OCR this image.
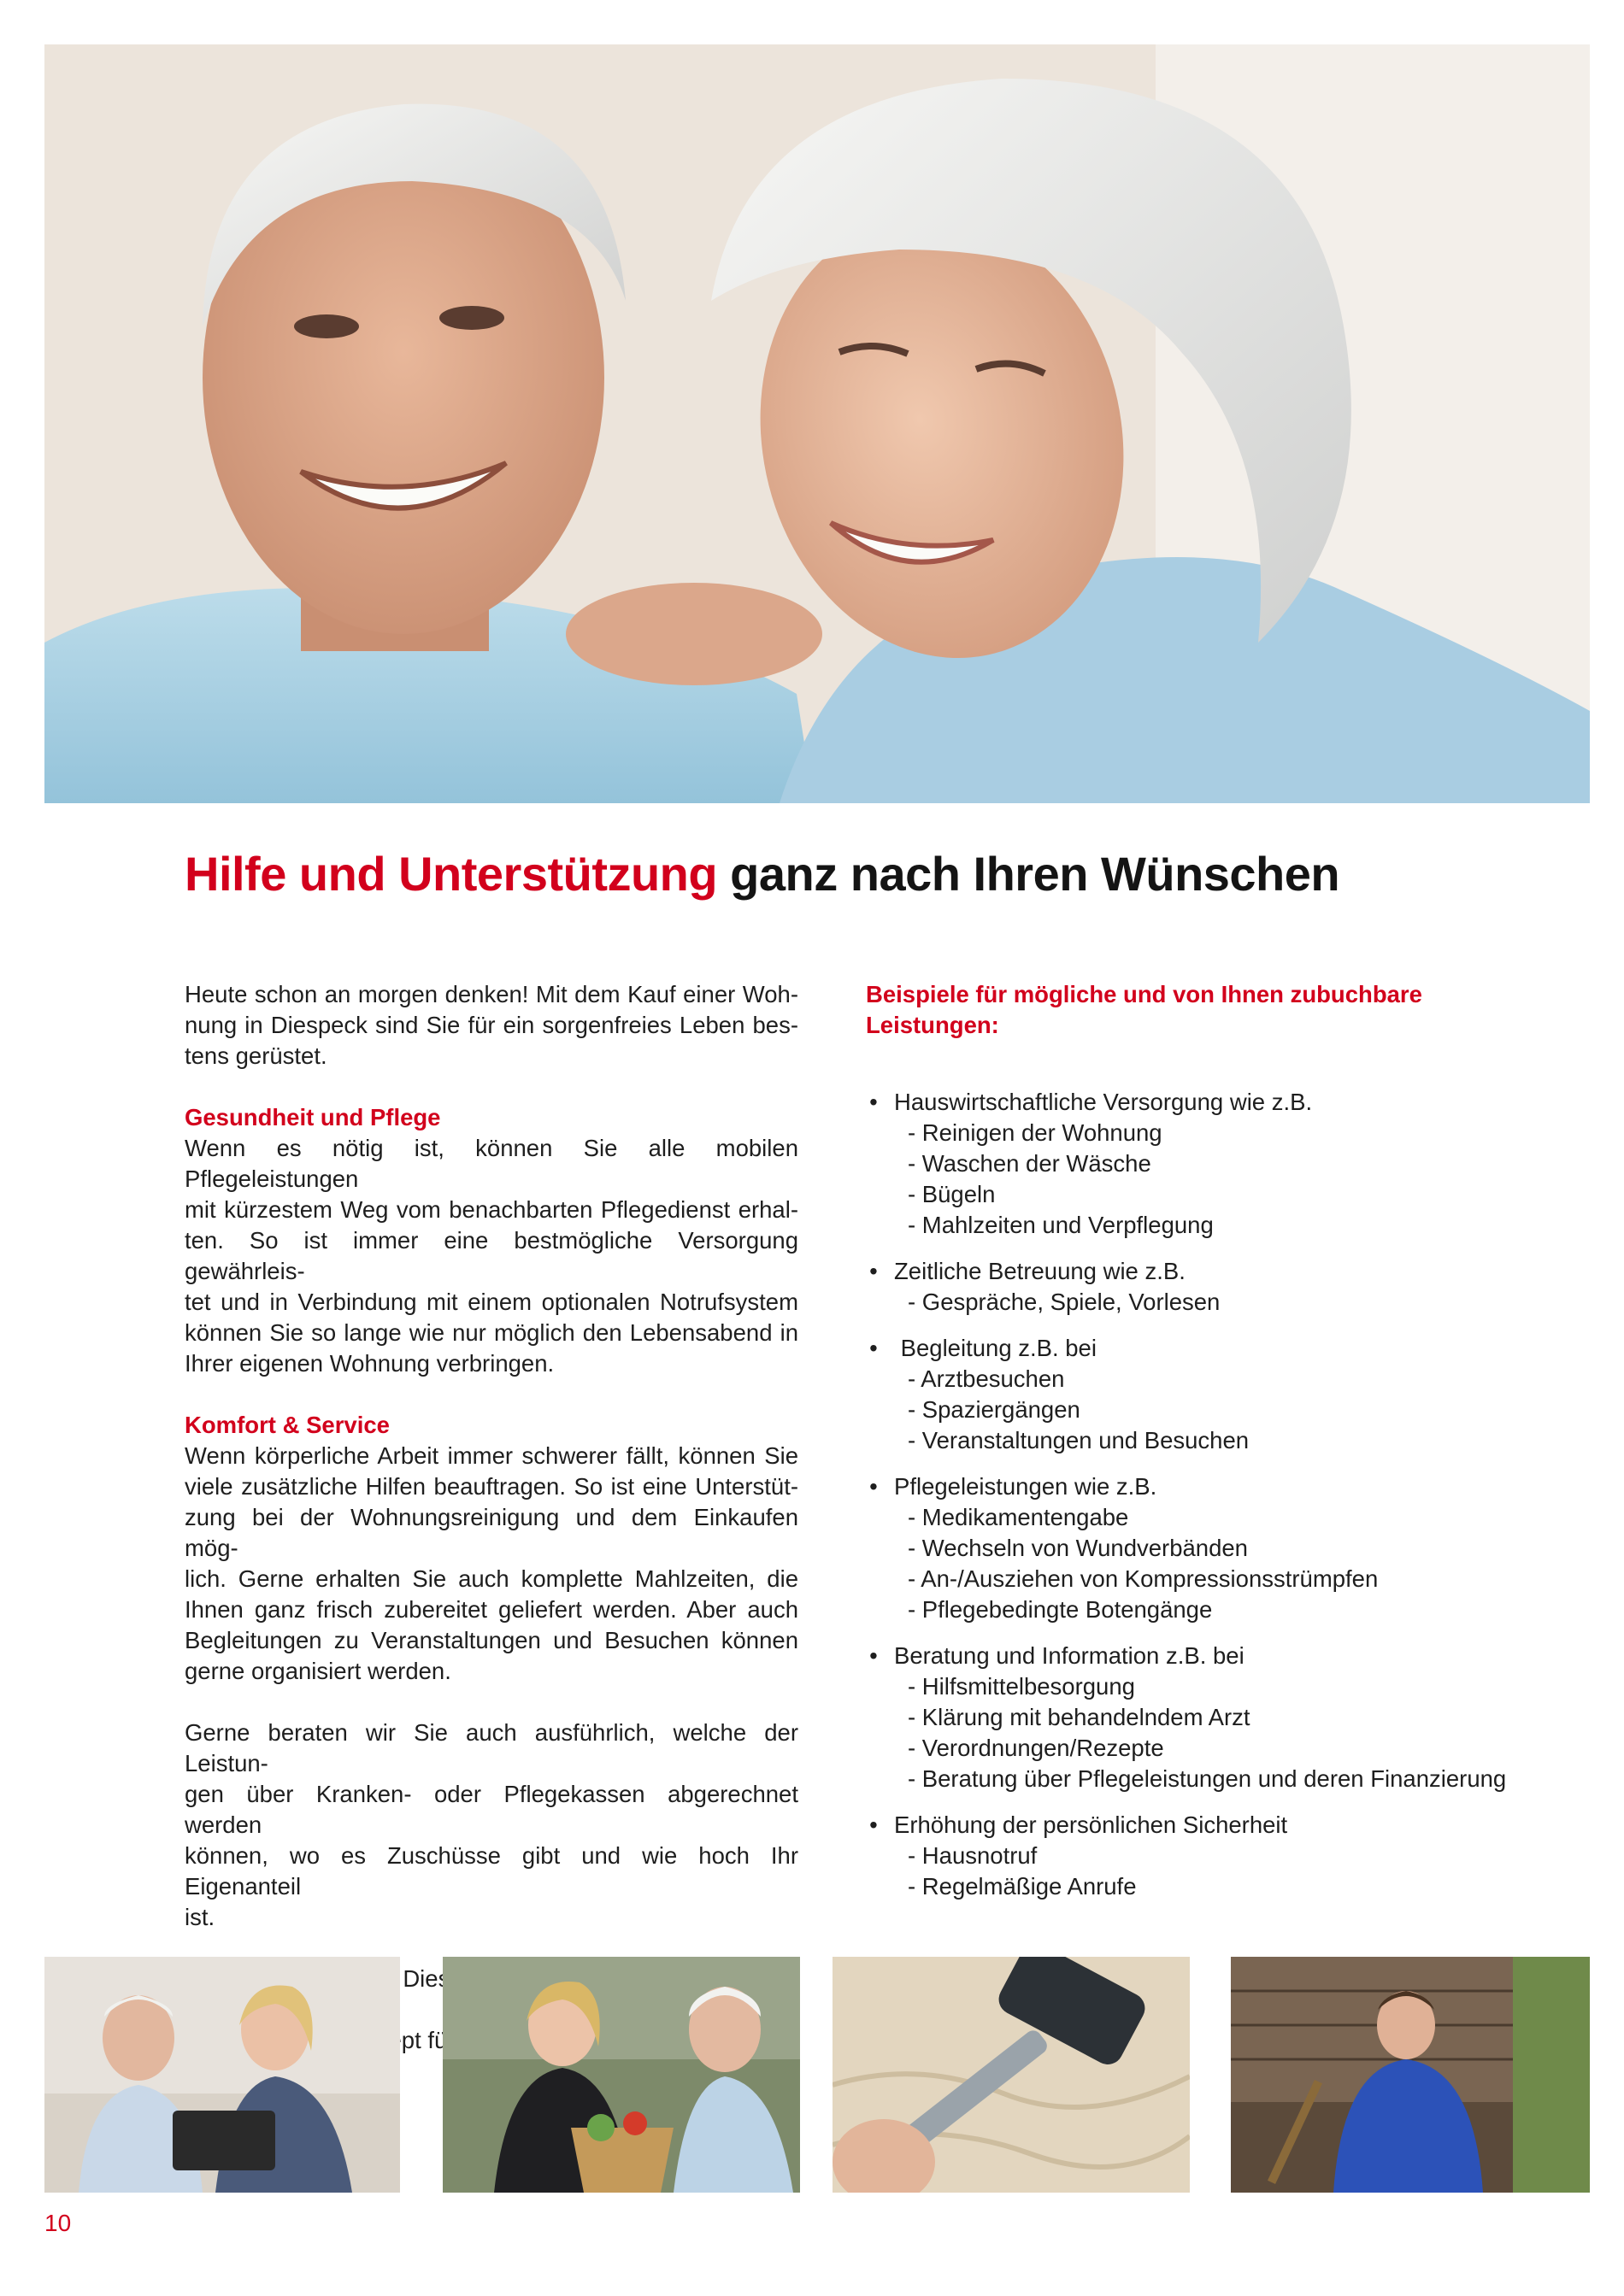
Hilfe und Unterstützung ganz nach Ihren Wünschen

Heute schon an morgen denken! Mit dem Kauf einer Woh-

nung in Diespeck sind Sie für ein sorgenfreies Leben bes-

tens gerüstet.

Gesundheit und Pflege

Wenn es nötig ist, können Sie alle mobilen Pflegeleistungen

mit kürzestem Weg vom benachbarten Pflegedienst erhal-

ten. So ist immer eine bestmögliche Versorgung gewährleis-

tet und in Verbindung mit einem optionalen Notrufsystem

können Sie so lange wie nur möglich den Lebensabend in

Ihrer eigenen Wohnung verbringen.

Komfort & Service

Wenn körperliche Arbeit immer schwerer fällt, können Sie

viele zusätzliche Hilfen beauftragen. So ist eine Unterstüt-

zung bei der Wohnungsreinigung und dem Einkaufen mög-

lich. Gerne erhalten Sie auch komplette Mahlzeiten, die

Ihnen ganz frisch zubereitet geliefert werden. Aber auch

Begleitungen zu Veranstaltungen und Besuchen können

gerne organisiert werden.

Gerne beraten wir Sie auch ausführlich, welche der Leistun-

gen über Kranken- oder Pflegekassen abgerechnet werden

können, wo es Zuschüsse gibt und wie hoch Ihr Eigenanteil

ist.

für

Beispiele für mögliche und von Ihnen zubuchbare

Leistungen:

• Hauswirtschaftliche Versorgung wie z.B.
- Reinigen der Wohnung
- Waschen der Wäsche
- Bügeln
- Mahlzeiten und Verpflegung
• Zeitliche Betreuung wie z.B.
- Gespräche, Spiele, Vorlesen
• Begleitung z.B. bei
- Arztbesuchen
- Spaziergängen
- Veranstaltungen und Besuchen
• Pflegeleistungen wie z.B.
- Medikamentengabe
- Wechseln von Wundverbänden
- An-/Ausziehen von Kompressionsstrümpfen
- Pflegebedingte Botengänge
• Beratung und Information z.B. bei
- Hilfsmittelbesorgung
- Klärung mit behandelndem Arzt
- Verordnungen/Rezepte
- Beratung über Pflegeleistungen und deren Finanzierung
• Erhöhung der persönlichen Sicherheit
- Hausnotruf
- Regelmäßige Anrufe
10
